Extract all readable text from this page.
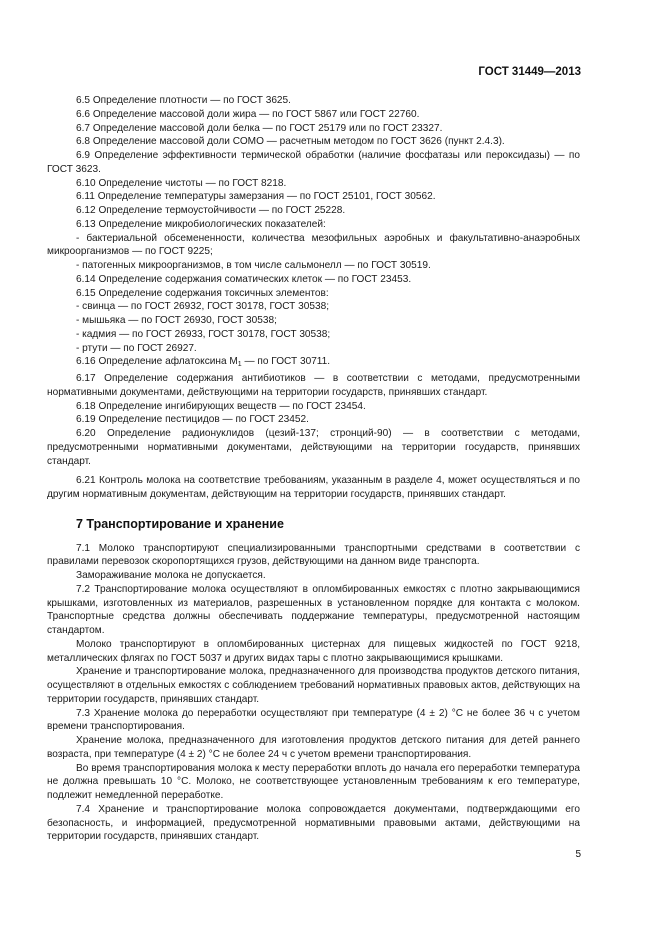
ГОСТ 31449—2013

6.5 Определение плотности — по ГОСТ 3625.

6.6 Определение массовой доли жира — по ГОСТ 5867 или ГОСТ 22760.

6.7 Определение массовой доли белка — по ГОСТ 25179 или по ГОСТ 23327.

6.8 Определение массовой доли СОМО — расчетным методом по ГОСТ 3626 (пункт 2.4.3).

6.9 Определение эффективности термической обработки (наличие фосфатазы или пероксидазы) — по ГОСТ 3623.

6.10 Определение чистоты — по ГОСТ 8218.

6.11 Определение температуры замерзания — по ГОСТ 25101, ГОСТ 30562.

6.12 Определение термоустойчивости — по ГОСТ 25228.

6.13 Определение микробиологических показателей:

- бактериальной обсемененности, количества мезофильных аэробных и факультативно-анаэробных микроорганизмов — по ГОСТ 9225;

- патогенных микроорганизмов, в том числе сальмонелл — по ГОСТ 30519.

6.14 Определение содержания соматических клеток — по ГОСТ 23453.

6.15 Определение содержания токсичных элементов:

- свинца — по ГОСТ 26932, ГОСТ 30178, ГОСТ 30538;

- мышьяка — по ГОСТ 26930, ГОСТ 30538;

- кадмия — по ГОСТ 26933, ГОСТ 30178, ГОСТ 30538;

- ртути — по ГОСТ 26927.

6.16 Определение афлатоксина $М_1$ — по ГОСТ 30711.

6.17 Определение содержания антибиотиков — в соответствии с методами, предусмотренными нормативными документами, действующими на территории государств, принявших стандарт.

6.18 Определение ингибирующих веществ — по ГОСТ 23454.

6.19 Определение пестицидов — по ГОСТ 23452.

6.20 Определение радионуклидов (цезий-137; стронций-90) — в соответствии с методами, предусмотренными нормативными документами, действующими на территории государств, принявших стандарт.

6.21 Контроль молока на соответствие требованиям, указанным в разделе 4, может осуществляться и по другим нормативным документам, действующим на территории государств, принявших стандарт.

7 Транспортирование и хранение

7.1 Молоко транспортируют специализированными транспортными средствами в соответствии с правилами перевозок скоропортящихся грузов, действующими на данном виде транспорта.

Замораживание молока не допускается.

7.2 Транспортирование молока осуществляют в опломбированных емкостях с плотно закрывающимися крышками, изготовленных из материалов, разрешенных в установленном порядке для контакта с молоком. Транспортные средства должны обеспечивать поддержание температуры, предусмотренной настоящим стандартом.

Молоко транспортируют в опломбированных цистернах для пищевых жидкостей по ГОСТ 9218, металлических флягах по ГОСТ 5037 и других видах тары с плотно закрывающимися крышками.

Хранение и транспортирование молока, предназначенного для производства продуктов детского питания, осуществляют в отдельных емкостях с соблюдением требований нормативных правовых актов, действующих на территории государств, принявших стандарт.

7.3 Хранение молока до переработки осуществляют при температуре (4 ± 2) °С не более 36 ч с учетом времени транспортирования.

Хранение молока, предназначенного для изготовления продуктов детского питания для детей раннего возраста, при температуре (4 ± 2) °С не более 24 ч с учетом времени транспортирования.

Во время транспортирования молока к месту переработки вплоть до начала его переработки температура не должна превышать 10 °С. Молоко, не соответствующее установленным требованиям к его температуре, подлежит немедленной переработке.

7.4 Хранение и транспортирование молока сопровождается документами, подтверждающими его безопасность, и информацией, предусмотренной нормативными правовыми актами, действующими на территории государств, принявших стандарт.

5
